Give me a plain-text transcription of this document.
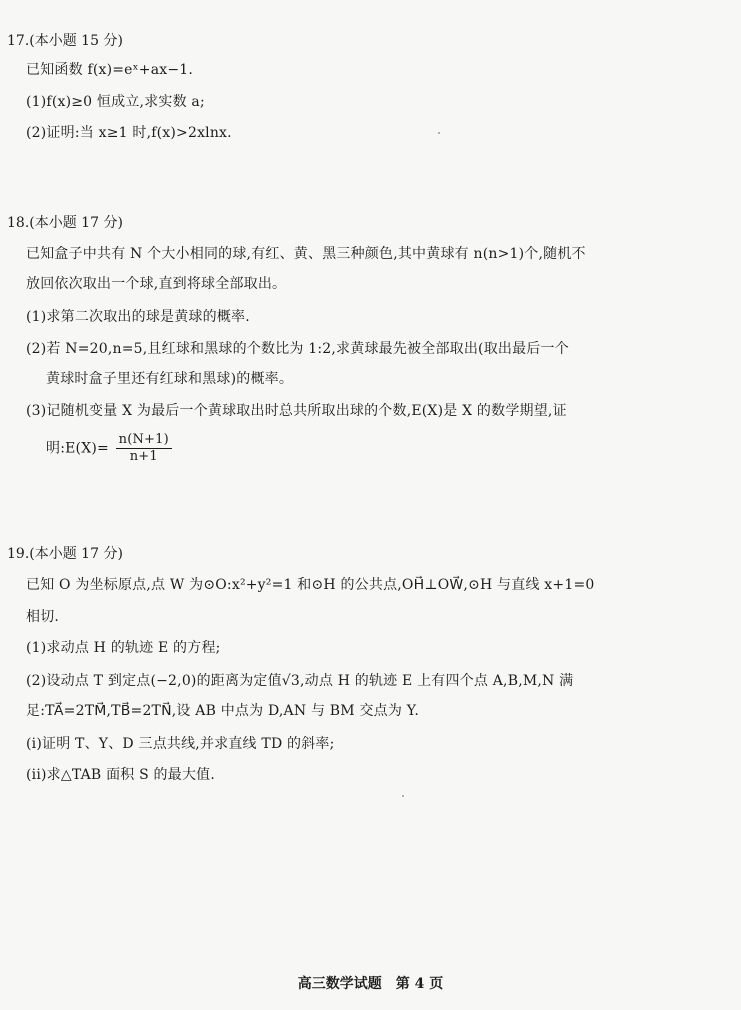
17.(本小题 15 分)
已知函数 f(x)=eˣ+ax−1.
(1)f(x)≥0 恒成立,求实数 a;
(2)证明:当 x≥1 时,f(x)>2xlnx.
18.(本小题 17 分)
已知盒子中共有 N 个大小相同的球,有红、黄、黑三种颜色,其中黄球有 n(n>1)个,随机不
放回依次取出一个球,直到将球全部取出。
(1)求第二次取出的球是黄球的概率.
(2)若 N=20,n=5,且红球和黑球的个数比为 1:2,求黄球最先被全部取出(取出最后一个
黄球时盒子里还有红球和黑球)的概率。
(3)记随机变量 X 为最后一个黄球取出时总共所取出球的个数,E(X)是 X 的数学期望,证
明:E(X)= $\frac{n(N+1)}{n+1}$
19.(本小题 17 分)
已知 O 为坐标原点,点 W 为⊙O:x²+y²=1 和⊙H 的公共点,OH⃗⊥OW⃗,⊙H 与直线 x+1=0
相切.
(1)求动点 H 的轨迹 E 的方程;
(2)设动点 T 到定点(−2,0)的距离为定值√3,动点 H 的轨迹 E 上有四个点 A,B,M,N 满
足:TA⃗=2TM⃗,TB⃗=2TN⃗,设 AB 中点为 D,AN 与 BM 交点为 Y.
(i)证明 T、Y、D 三点共线,并求直线 TD 的斜率;
(ii)求△TAB 面积 S 的最大值.
高三数学试题　第 4 页
